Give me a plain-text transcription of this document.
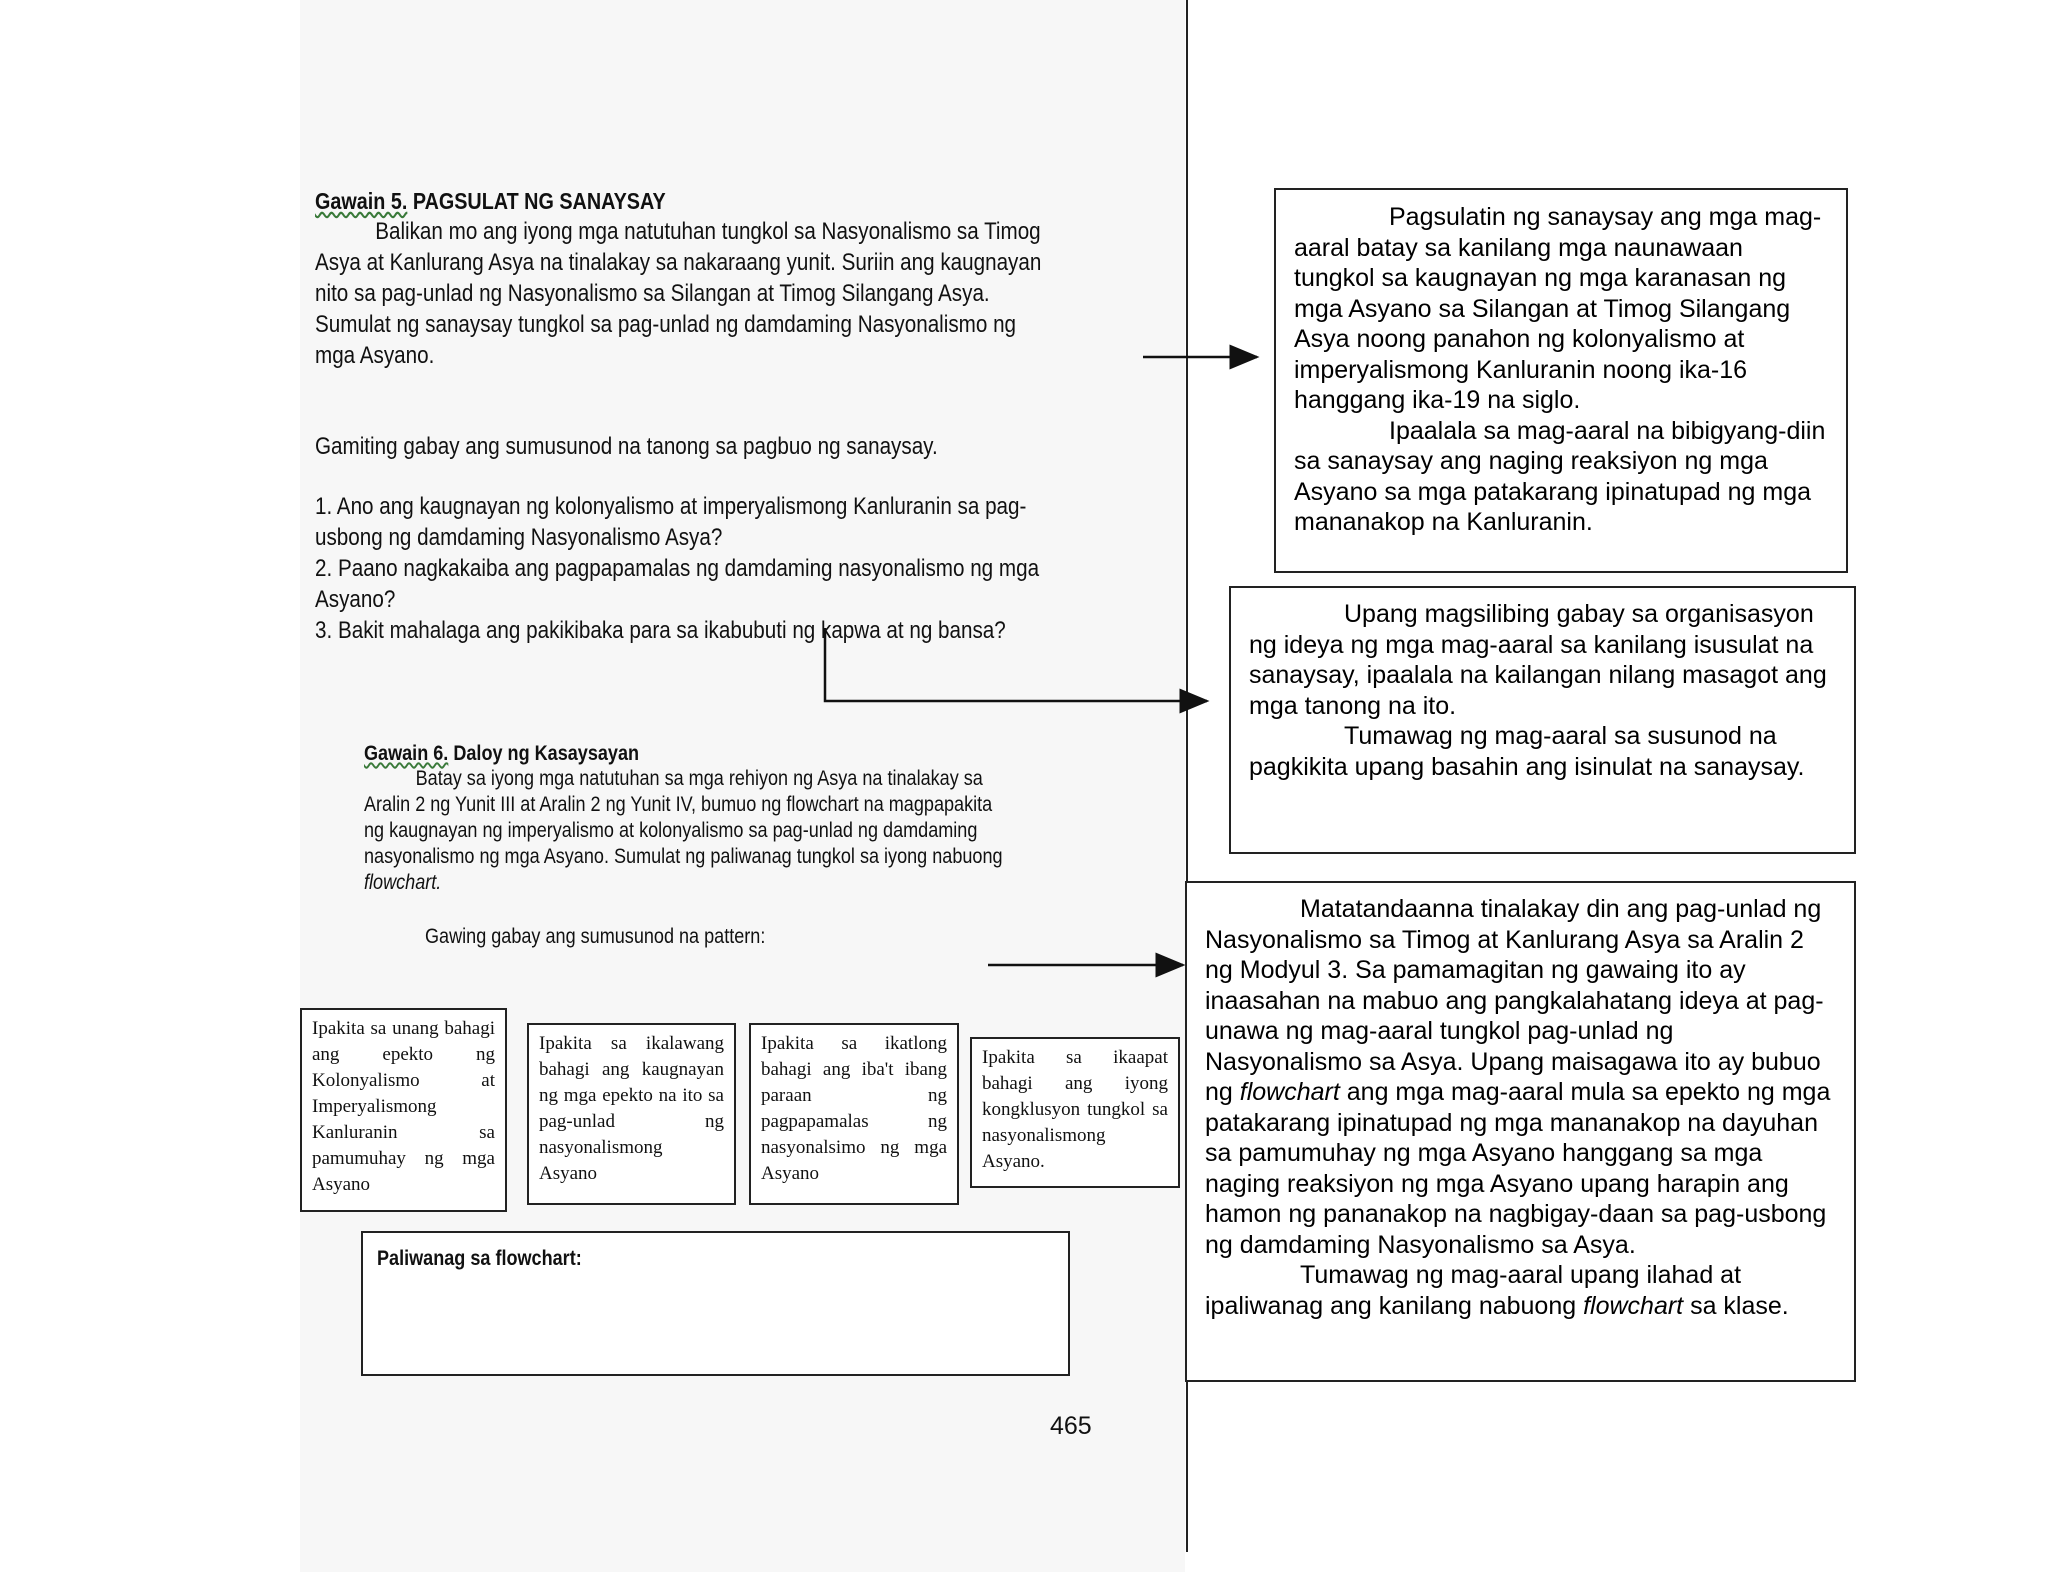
Gawain 5. PAGSULAT NG SANAYSAY
Balikan mo ang iyong mga natutuhan tungkol sa Nasyonalismo sa Timog
Asya at Kanlurang Asya na tinalakay sa nakaraang yunit. Suriin ang kaugnayan
nito sa pag-unlad ng Nasyonalismo sa Silangan at Timog Silangang Asya.
Sumulat ng sanaysay tungkol sa pag-unlad ng damdaming Nasyonalismo ng
mga Asyano.
Gamiting gabay ang sumusunod na tanong sa pagbuo ng sanaysay.
1. Ano ang kaugnayan ng kolonyalismo at imperyalismong Kanluranin sa pag-
usbong ng damdaming Nasyonalismo Asya?
2. Paano nagkakaiba ang pagpapamalas ng damdaming nasyonalismo ng mga
Asyano?
3. Bakit mahalaga ang pakikibaka para sa ikabubuti ng kapwa at ng bansa?
Gawain 6. Daloy ng Kasaysayan
Batay sa iyong mga natutuhan sa mga rehiyon ng Asya na tinalakay sa
Aralin 2 ng Yunit III at Aralin 2 ng Yunit IV, bumuo ng flowchart na magpapakita
ng kaugnayan ng imperyalismo at kolonyalismo sa pag-unlad ng damdaming
nasyonalismo ng mga Asyano. Sumulat ng paliwanag tungkol sa iyong nabuong
flowchart.
Gawing gabay ang sumusunod na pattern:
Ipakita sa unang bahagi ang epekto ng Kolonyalismo at Imperyalismong Kanluranin sa pamumuhay ng mga Asyano
Ipakita sa ikalawang bahagi ang kaugnayan ng mga epekto na ito sa pag-unlad ng nasyonalismong Asyano
Ipakita sa ikatlong bahagi ang iba't ibang paraan ng pagpapamalas ng nasyonalsimo ng mga Asyano
Ipakita sa ikaapat bahagi ang iyong kongklusyon tungkol sa nasyonalismong Asyano.
Paliwanag sa flowchart:

Pagsulatin ng sanaysay ang mga mag-aaral batay sa kanilang mga naunawaan tungkol sa kaugnayan ng mga karanasan ng mga Asyano sa Silangan at Timog Silangang Asya noong panahon ng kolonyalismo at imperyalismong Kanluranin noong ika-16 hanggang ika-19 na siglo.

Ipaalala sa mag-aaral na bibigyang-diin sa sanaysay ang naging reaksiyon ng mga Asyano sa mga patakarang ipinatupad ng mga mananakop na Kanluranin.

Upang magsilibing gabay sa organisasyon ng ideya ng mga mag-aaral sa kanilang isusulat na sanaysay, ipaalala na kailangan nilang masagot ang mga tanong na ito.

Tumawag ng mag-aaral sa susunod na pagkikita upang basahin ang isinulat na sanaysay.

Matatandaanna tinalakay din ang pag-unlad ng Nasyonalismo sa Timog at Kanlurang Asya sa Aralin 2 ng Modyul 3. Sa pamamagitan ng gawaing ito ay inaasahan na mabuo ang pangkalahatang ideya at pag-unawa ng mag-aaral tungkol pag-unlad ng Nasyonalismo sa Asya. Upang maisagawa ito ay bubuo ng flowchart ang mga mag-aaral mula sa epekto ng mga patakarang ipinatupad ng mga mananakop na dayuhan sa pamumuhay ng mga Asyano hanggang sa mga naging reaksiyon ng mga Asyano upang harapin ang hamon ng pananakop na nagbigay-daan sa pag-usbong ng damdaming Nasyonalismo sa Asya.

Tumawag ng mag-aaral upang ilahad at ipaliwanag ang kanilang nabuong flowchart sa klase.

465
